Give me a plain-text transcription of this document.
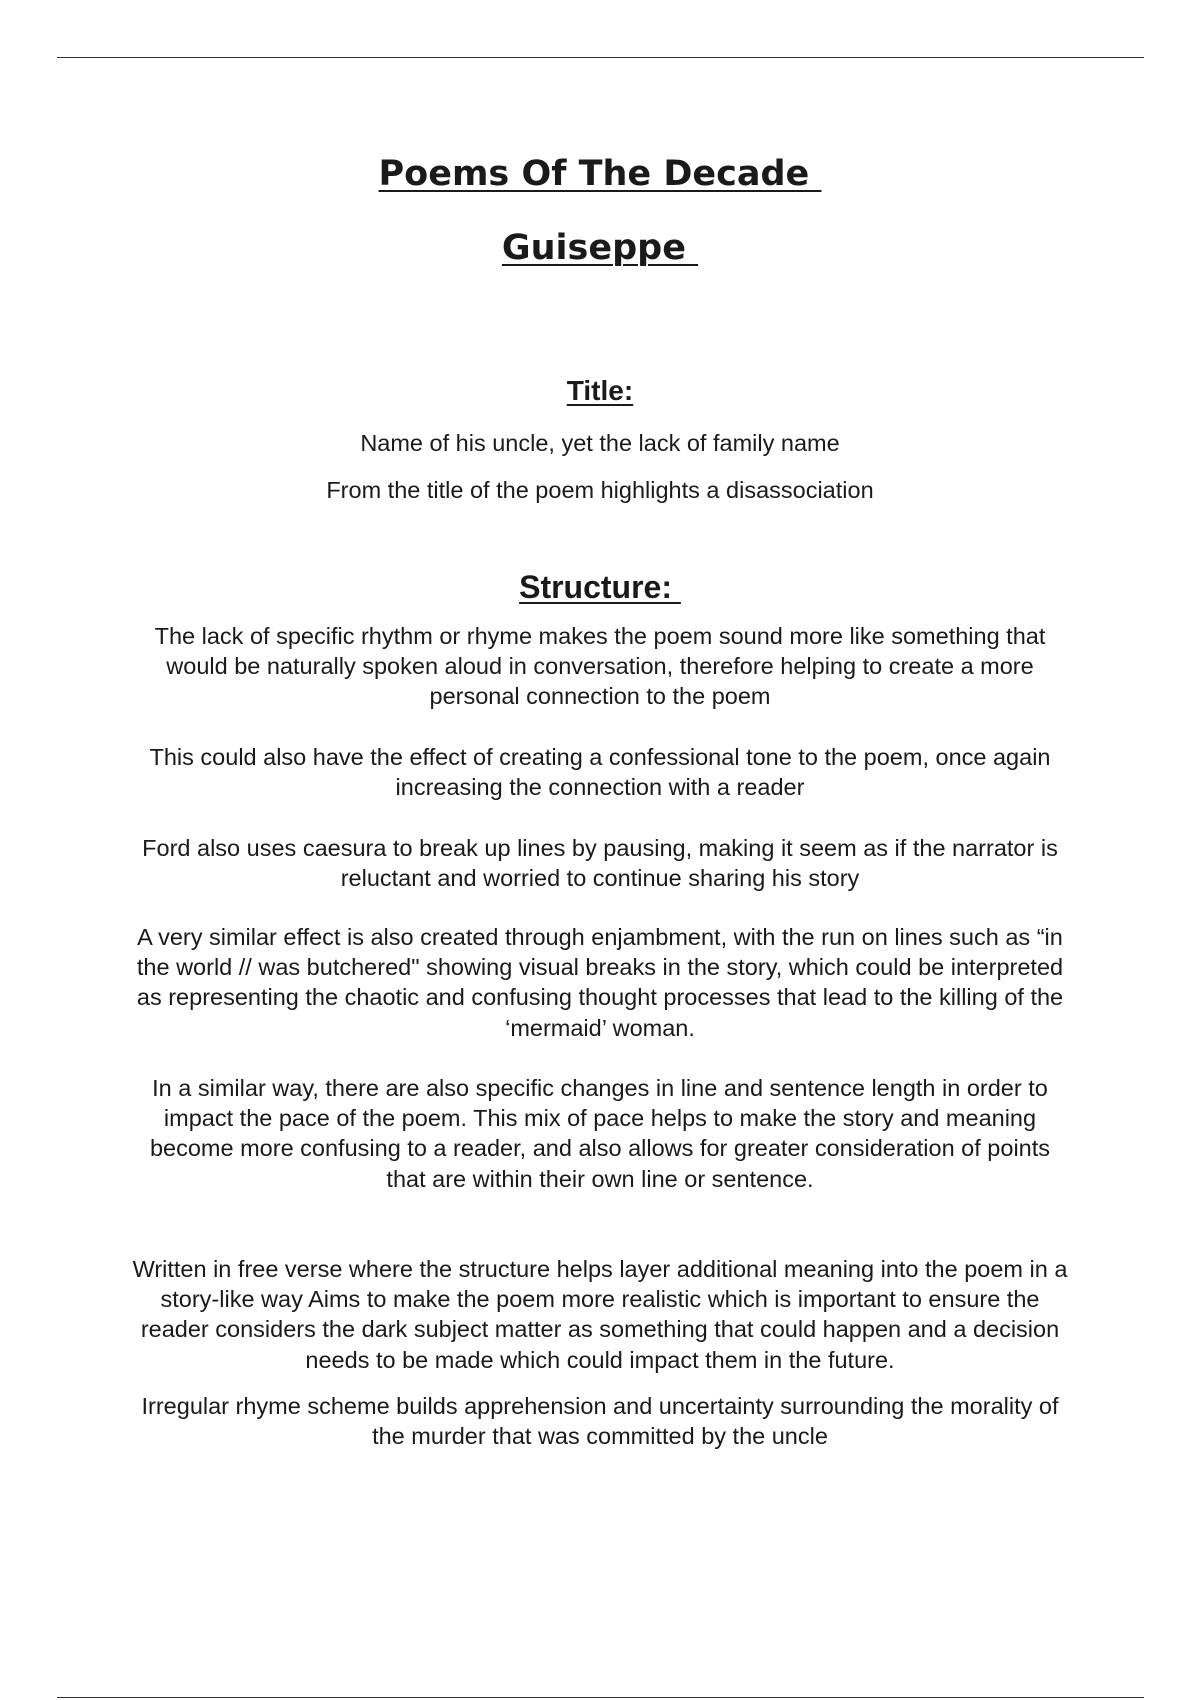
Poems Of The Decade
Guiseppe
Title:

Name of his uncle, yet the lack of family name

From the title of the poem highlights a disassociation

Structure:

The lack of specific rhythm or rhyme makes the poem sound more like something that would be naturally spoken aloud in conversation, therefore helping to create a more personal connection to the poem

This could also have the effect of creating a confessional tone to the poem, once again increasing the connection with a reader

Ford also uses caesura to break up lines by pausing, making it seem as if the narrator is reluctant and worried to continue sharing his story

A very similar effect is also created through enjambment, with the run on lines such as “in the world // was butchered" showing visual breaks in the story, which could be interpreted as representing the chaotic and confusing thought processes that lead to the killing of the ‘mermaid’ woman.

In a similar way, there are also specific changes in line and sentence length in order to impact the pace of the poem. This mix of pace helps to make the story and meaning become more confusing to a reader, and also allows for greater consideration of points that are within their own line or sentence.

Written in free verse where the structure helps layer additional meaning into the poem in a story-like way Aims to make the poem more realistic which is important to ensure the reader considers the dark subject matter as something that could happen and a decision needs to be made which could impact them in the future.

Irregular rhyme scheme builds apprehension and uncertainty surrounding the morality of the murder that was committed by the uncle
